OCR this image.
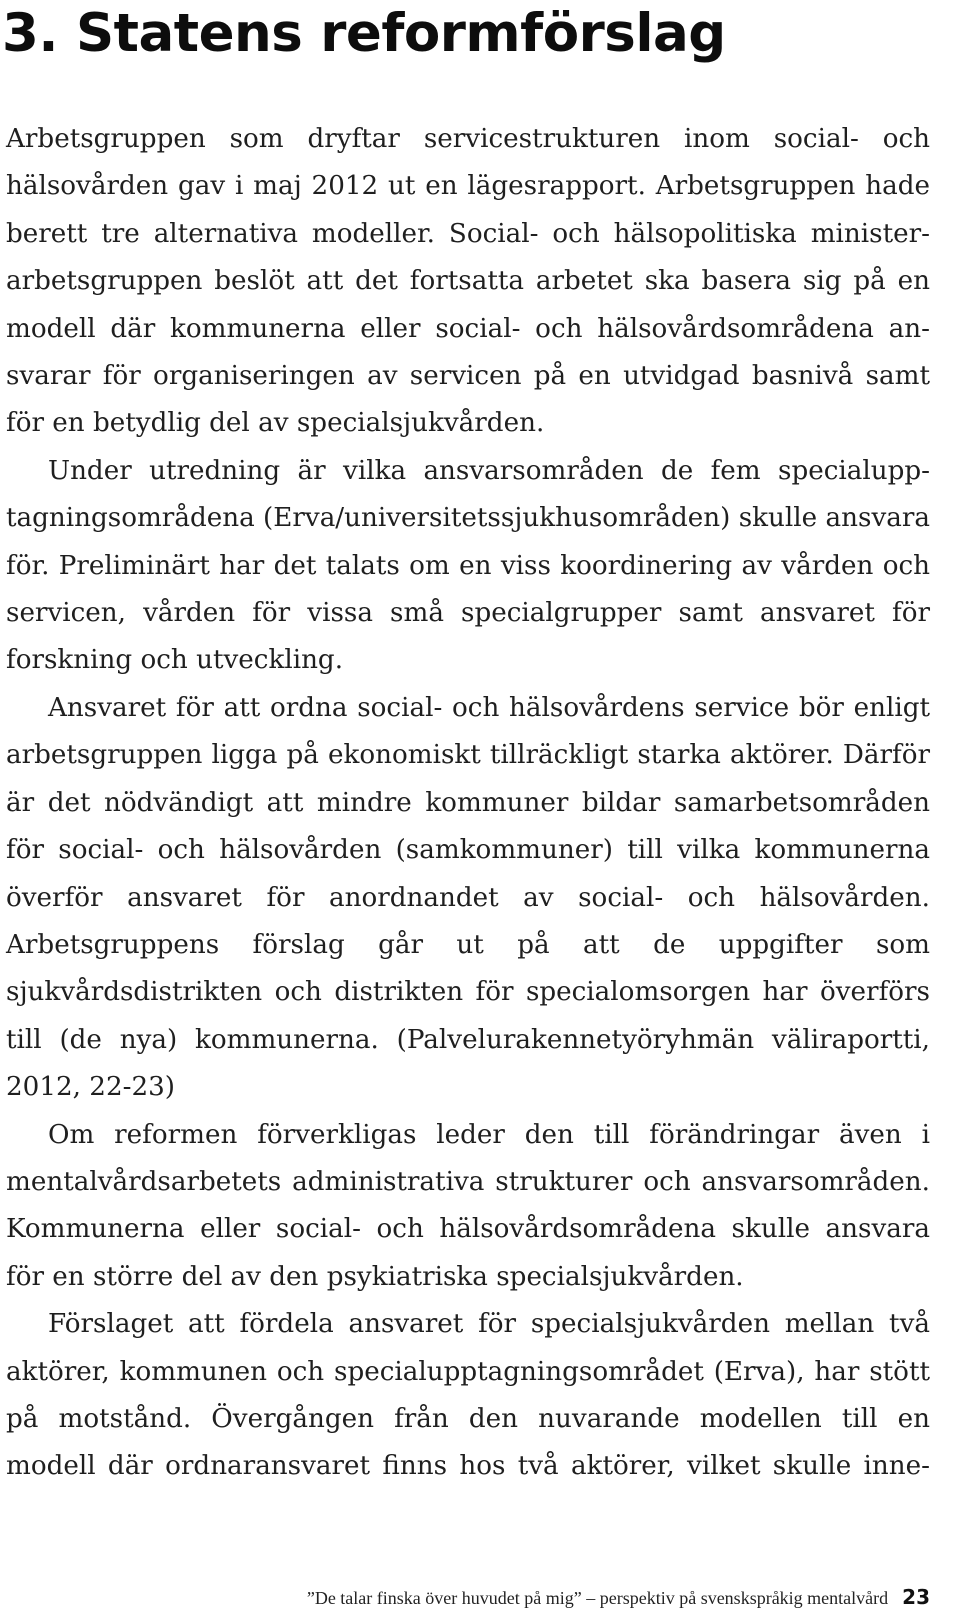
3. Statens reformförslag

Arbetsgruppen som dryftar servicestrukturen inom social- och hälsovården gav i maj 2012 ut en lägesrapport. Arbetsgruppen hade berett tre alternativa modeller. Social- och hälsopolitiska ministerarbetsgruppen beslöt att det fortsatta arbetet ska basera sig på en modell där kommunerna eller social- och hälsovårdsområdena ansvarar för organiseringen av servicen på en utvidgad basnivå samt för en betydlig del av specialsjukvården.

Under utredning är vilka ansvarsområden de fem specialupptagningsområdena (Erva/universitetssjukhusområden) skulle ansvara för. Preliminärt har det talats om en viss koordinering av vården och servicen, vården för vissa små specialgrupper samt ansvaret för forskning och utveckling.

Ansvaret för att ordna social- och hälsovårdens service bör enligt arbetsgruppen ligga på ekonomiskt tillräckligt starka aktörer. Därför är det nödvändigt att mindre kommuner bildar samarbetsområden för social- och hälsovården (samkommuner) till vilka kommunerna överför ansvaret för anordnandet av social- och hälsovården. Arbetsgruppens förslag går ut på att de uppgifter som sjukvårdsdistrikten och distrikten för specialomsorgen har överförs till (de nya) kommunerna. (Palvelurakennetyöryhmän väliraportti, 2012, 22-23)

Om reformen förverkligas leder den till förändringar även i mentalvårdsarbetets administrativa strukturer och ansvarsområden. Kommunerna eller social- och hälsovårdsområdena skulle ansvara för en större del av den psykiatriska specialsjukvården.

Förslaget att fördela ansvaret för specialsjukvården mellan två aktörer, kommunen och specialupptagningsområdet (Erva), har stött på motstånd. Övergången från den nuvarande modellen till en modell där ordnaransvaret finns hos två aktörer, vilket skulle inne-

”De talar finska över huvudet på mig” – perspektiv på svenskspråkig mentalvård 23
